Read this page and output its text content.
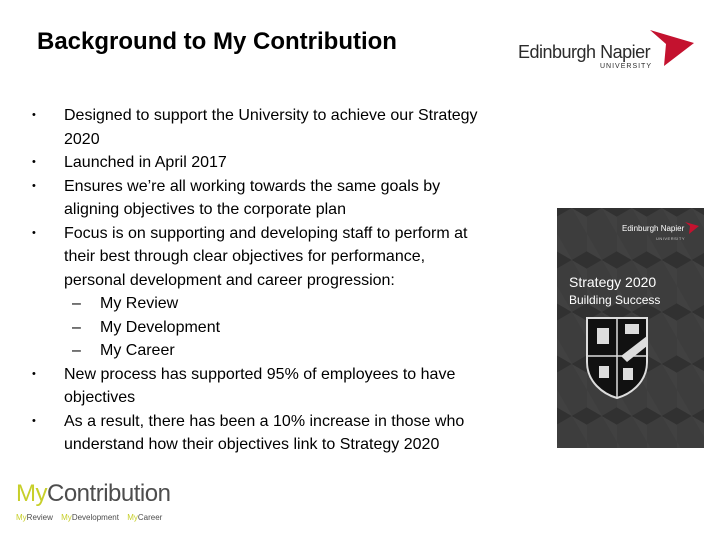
Background to My Contribution	Edinburgh Napier
UNIVERSITY
• Designed to support the University to achieve our Strategy
2020
• Launched in April 2017
• Ensures we’re all working towards the same goals by
aligning objectives to the corporate plan
• Focus is on supporting and developing staff to perform at
their best through clear objectives for performance,
personal development and career progression:
– My Review
– My Development
– My Career
• New process has supported 95% of employees to have
objectives
• As a result, there has been a 10% increase in those who
understand how their objectives link to Strategy 2020
Edinburgh Napier
UNIVERSITY
Strategy 2020
Building Success
MyContribution
MyReview MyDevelopment MyCareer
